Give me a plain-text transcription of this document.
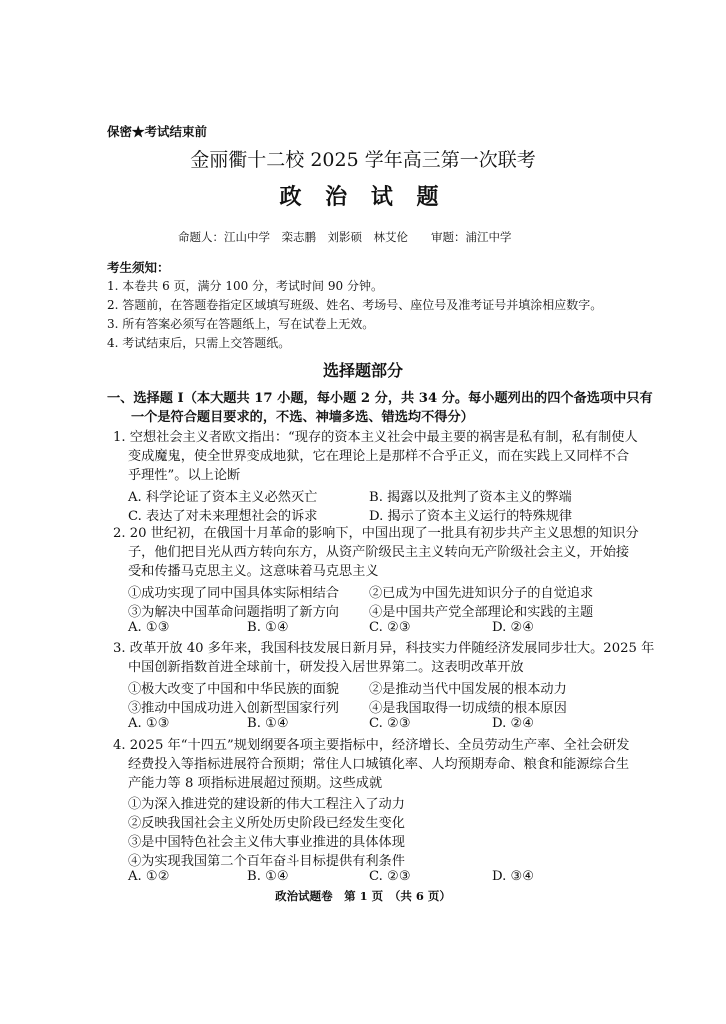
保密★考试结束前
金丽衢十二校 2025 学年高三第一次联考
政 治 试 题
命题人：江山中学　栾志鹏　刘影硕　林艾伦　　审题：浦江中学
考生须知：
1. 本卷共 6 页，满分 100 分，考试时间 90 分钟。
2. 答题前，在答题卷指定区域填写班级、姓名、考场号、座位号及准考证号并填涂相应数字。
3. 所有答案必须写在答题纸上，写在试卷上无效。
4. 考试结束后，只需上交答题纸。
选择题部分
一、选择题 Ⅰ（本大题共 17 小题，每小题 2 分，共 34 分。每小题列出的四个备选项中只有
一个是符合题目要求的，不选、神墙多选、错选均不得分）
1. 空想社会主义者欧文指出：“现存的资本主义社会中最主要的祸害是私有制，私有制使人
变成魔鬼，使全世界变成地狱，它在理论上是那样不合乎正义，而在实践上又同样不合
乎理性”。以上论断
A. 科学论证了资本主义必然灭亡	B. 揭露以及批判了资本主义的弊端
C. 表达了对未来理想社会的诉求	D. 揭示了资本主义运行的特殊规律
2. 20 世纪初，在俄国十月革命的影响下，中国出现了一批具有初步共产主义思想的知识分
子，他们把目光从西方转向东方，从资产阶级民主主义转向无产阶级社会主义，开始接
受和传播马克思主义。这意味着马克思主义
①成功实现了同中国具体实际相结合 ②已成为中国先进知识分子的自觉追求
③为解决中国革命问题指明了新方向 ④是中国共产党全部理论和实践的主题
A. ①③	B. ①④	C. ②③	D. ②④
3. 改革开放 40 多年来，我国科技发展日新月异，科技实力伴随经济发展同步壮大。2025 年
中国创新指数首进全球前十，研发投入居世界第二。这表明改革开放
①极大改变了中国和中华民族的面貌 ②是推动当代中国发展的根本动力
③推动中国成功进入创新型国家行列 ④是我国取得一切成绩的根本原因
A. ①③	B. ①④	C. ②③	D. ②④
4. 2025 年“十四五”规划纲要各项主要指标中，经济增长、全员劳动生产率、全社会研发
经费投入等指标进展符合预期；常住人口城镇化率、人均预期寿命、粮食和能源综合生
产能力等 8 项指标进展超过预期。这些成就
①为深入推进党的建设新的伟大工程注入了动力
②反映我国社会主义所处历史阶段已经发生变化
③是中国特色社会主义伟大事业推进的具体体现
④为实现我国第二个百年奋斗目标提供有利条件
A. ①②	B. ①④	C. ②③	D. ③④
政治试题卷　第 1 页　（共 6 页）
